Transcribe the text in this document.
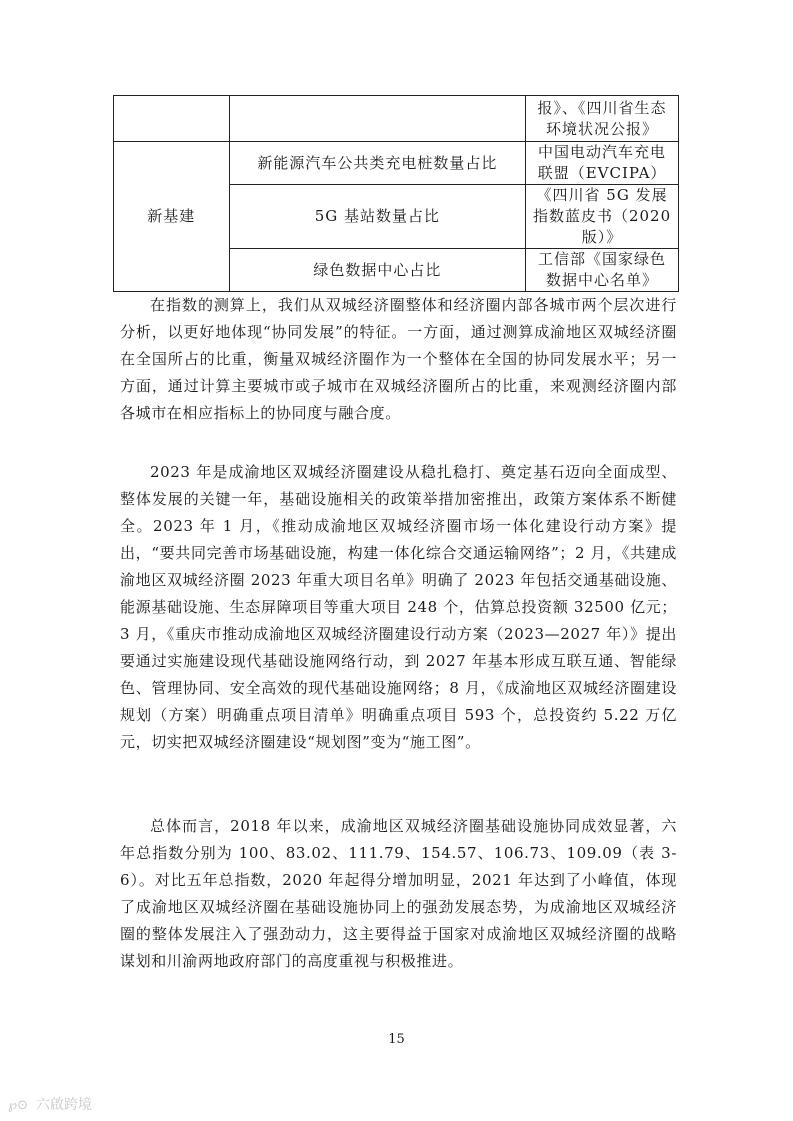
		报》、《四川省生态环境状况公报》
新基建	新能源汽车公共类充电桩数量占比	中国电动汽车充电联盟（EVCIPA）
	5G 基站数量占比	《四川省 5G 发展指数蓝皮书（2020 版）》
	绿色数据中心占比	工信部《国家绿色数据中心名单》

在指数的测算上，我们从双城经济圈整体和经济圈内部各城市两个层次进行分析，以更好地体现“协同发展”的特征。一方面，通过测算成渝地区双城经济圈在全国所占的比重，衡量双城经济圈作为一个整体在全国的协同发展水平；另一方面，通过计算主要城市或子城市在双城经济圈所占的比重，来观测经济圈内部各城市在相应指标上的协同度与融合度。

2023 年是成渝地区双城经济圈建设从稳扎稳打、奠定基石迈向全面成型、整体发展的关键一年，基础设施相关的政策举措加密推出，政策方案体系不断健全。2023 年 1 月，《推动成渝地区双城经济圈市场一体化建设行动方案》提出，“要共同完善市场基础设施，构建一体化综合交通运输网络”；2 月，《共建成渝地区双城经济圈 2023 年重大项目名单》明确了 2023 年包括交通基础设施、能源基础设施、生态屏障项目等重大项目 248 个，估算总投资额 32500 亿元；3 月，《重庆市推动成渝地区双城经济圈建设行动方案（2023—2027 年）》提出要通过实施建设现代基础设施网络行动，到 2027 年基本形成互联互通、智能绿色、管理协同、安全高效的现代基础设施网络；8 月，《成渝地区双城经济圈建设规划（方案）明确重点项目清单》明确重点项目 593 个，总投资约 5.22 万亿元，切实把双城经济圈建设“规划图”变为“施工图”。

总体而言，2018 年以来，成渝地区双城经济圈基础设施协同成效显著，六年总指数分别为 100、83.02、111.79、154.57、106.73、109.09（表 3-6）。对比五年总指数，2020 年起得分增加明显，2021 年达到了小峰值，体现了成渝地区双城经济圈在基础设施协同上的强劲发展态势，为成渝地区双城经济圈的整体发展注入了强劲动力，这主要得益于国家对成渝地区双城经济圈的战略谋划和川渝两地政府部门的高度重视与积极推进。

15
℘⊙ 六啟跨境
